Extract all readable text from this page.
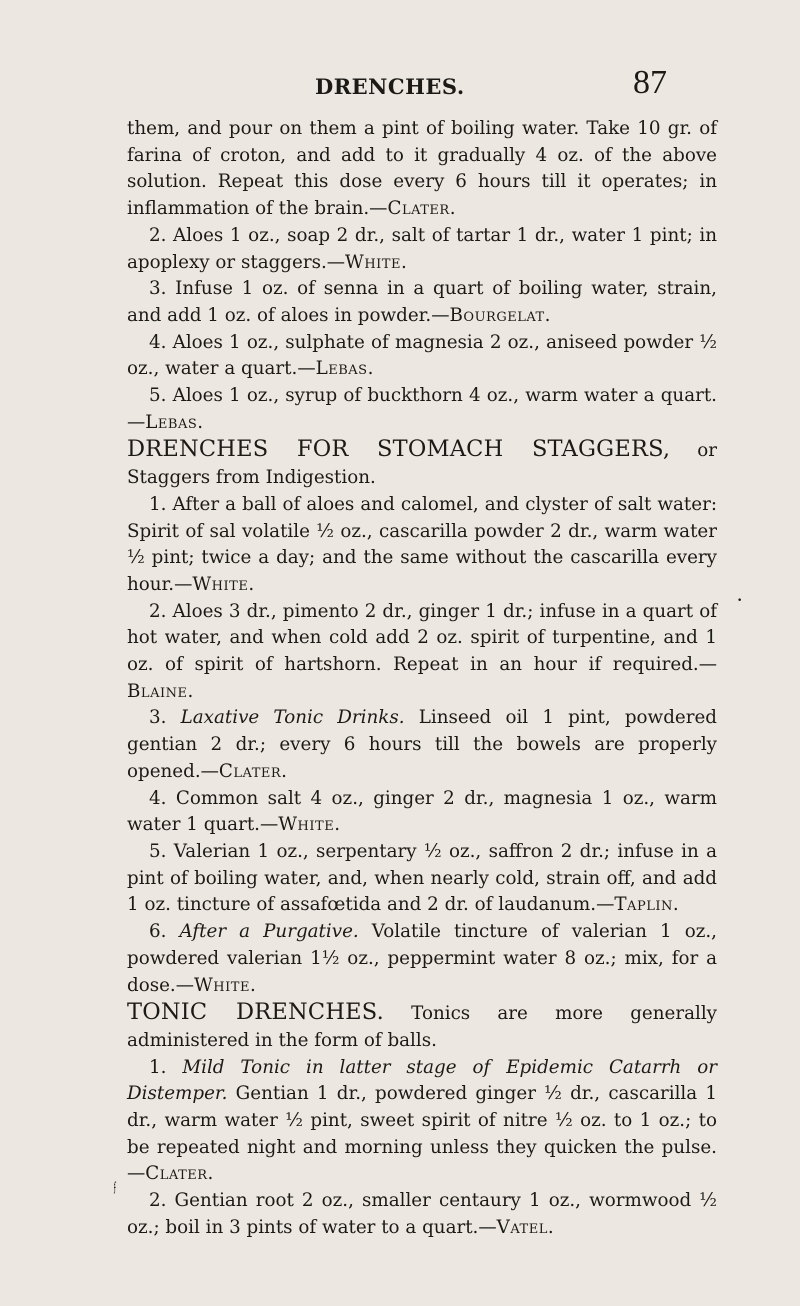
DRENCHES.	87

them, and pour on them a pint of boiling water. Take 10 gr. of farina of croton, and add to it gradually 4 oz. of the above solution. Repeat this dose every 6 hours till it operates; in inflammation of the brain.—Clater.

2. Aloes 1 oz., soap 2 dr., salt of tartar 1 dr., water 1 pint; in apoplexy or staggers.—White.

3. Infuse 1 oz. of senna in a quart of boiling water, strain, and add 1 oz. of aloes in powder.—Bourgelat.

4. Aloes 1 oz., sulphate of magnesia 2 oz., aniseed powder ½ oz., water a quart.—Lebas.

5. Aloes 1 oz., syrup of buckthorn 4 oz., warm water a quart.—Lebas.

DRENCHES FOR STOMACH STAGGERS, or Staggers from Indigestion.

1. After a ball of aloes and calomel, and clyster of salt water: Spirit of sal volatile ½ oz., cascarilla powder 2 dr., warm water ½ pint; twice a day; and the same without the cascarilla every hour.—White.

2. Aloes 3 dr., pimento 2 dr., ginger 1 dr.; infuse in a quart of hot water, and when cold add 2 oz. spirit of turpentine, and 1 oz. of spirit of hartshorn. Repeat in an hour if required.—Blaine.

3. Laxative Tonic Drinks. Linseed oil 1 pint, powdered gentian 2 dr.; every 6 hours till the bowels are properly opened.—Clater.

4. Common salt 4 oz., ginger 2 dr., magnesia 1 oz., warm water 1 quart.—White.

5. Valerian 1 oz., serpentary ½ oz., saffron 2 dr.; infuse in a pint of boiling water, and, when nearly cold, strain off, and add 1 oz. tincture of assafœtida and 2 dr. of laudanum.—Taplin.

6. After a Purgative. Volatile tincture of valerian 1 oz., powdered valerian 1½ oz., peppermint water 8 oz.; mix, for a dose.—White.

TONIC DRENCHES. Tonics are more generally administered in the form of balls.

1. Mild Tonic in latter stage of Epidemic Catarrh or Distemper. Gentian 1 dr., powdered ginger ½ dr., cascarilla 1 dr., warm water ½ pint, sweet spirit of nitre ½ oz. to 1 oz.; to be repeated night and morning unless they quicken the pulse.—Clater.

2. Gentian root 2 oz., smaller centaury 1 oz., wormwood ½ oz.; boil in 3 pints of water to a quart.—Vatel.

•
ʄ
